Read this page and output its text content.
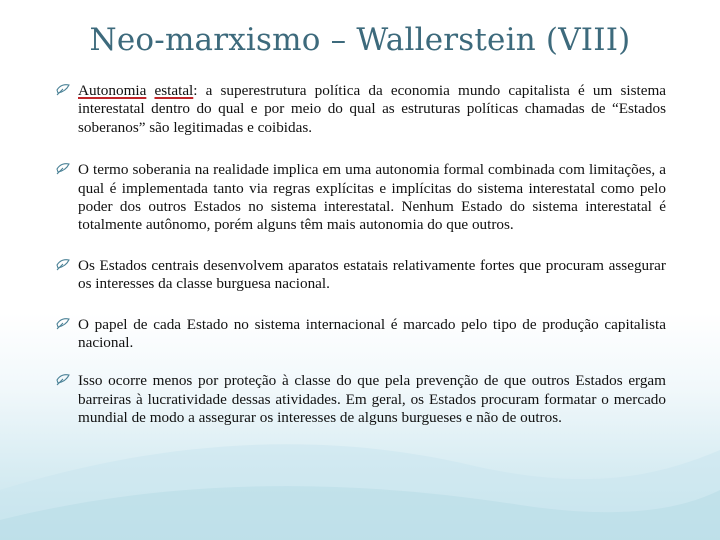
Neo-marxismo – Wallerstein (VIII)
Autonomia estatal: a superestrutura política da economia mundo capitalista é um sistema interestatal dentro do qual e por meio do qual as estruturas políticas chamadas de “Estados soberanos” são legitimadas e coibidas.
O termo soberania na realidade implica em uma autonomia formal combinada com limitações, a qual é implementada tanto via regras explícitas e implícitas do sistema interestatal como pelo poder dos outros Estados no sistema interestatal. Nenhum Estado do sistema interestatal é totalmente autônomo, porém alguns têm mais autonomia do que outros.
Os Estados centrais desenvolvem aparatos estatais relativamente fortes que procuram assegurar os interesses da classe burguesa nacional.
O papel de cada Estado no sistema internacional é marcado pelo tipo de produção capitalista nacional.
Isso ocorre menos por proteção à classe do que pela prevenção de que outros Estados ergam barreiras à lucratividade dessas atividades. Em geral, os Estados procuram formatar o mercado mundial de modo a assegurar os interesses de alguns burgueses e não de outros.
